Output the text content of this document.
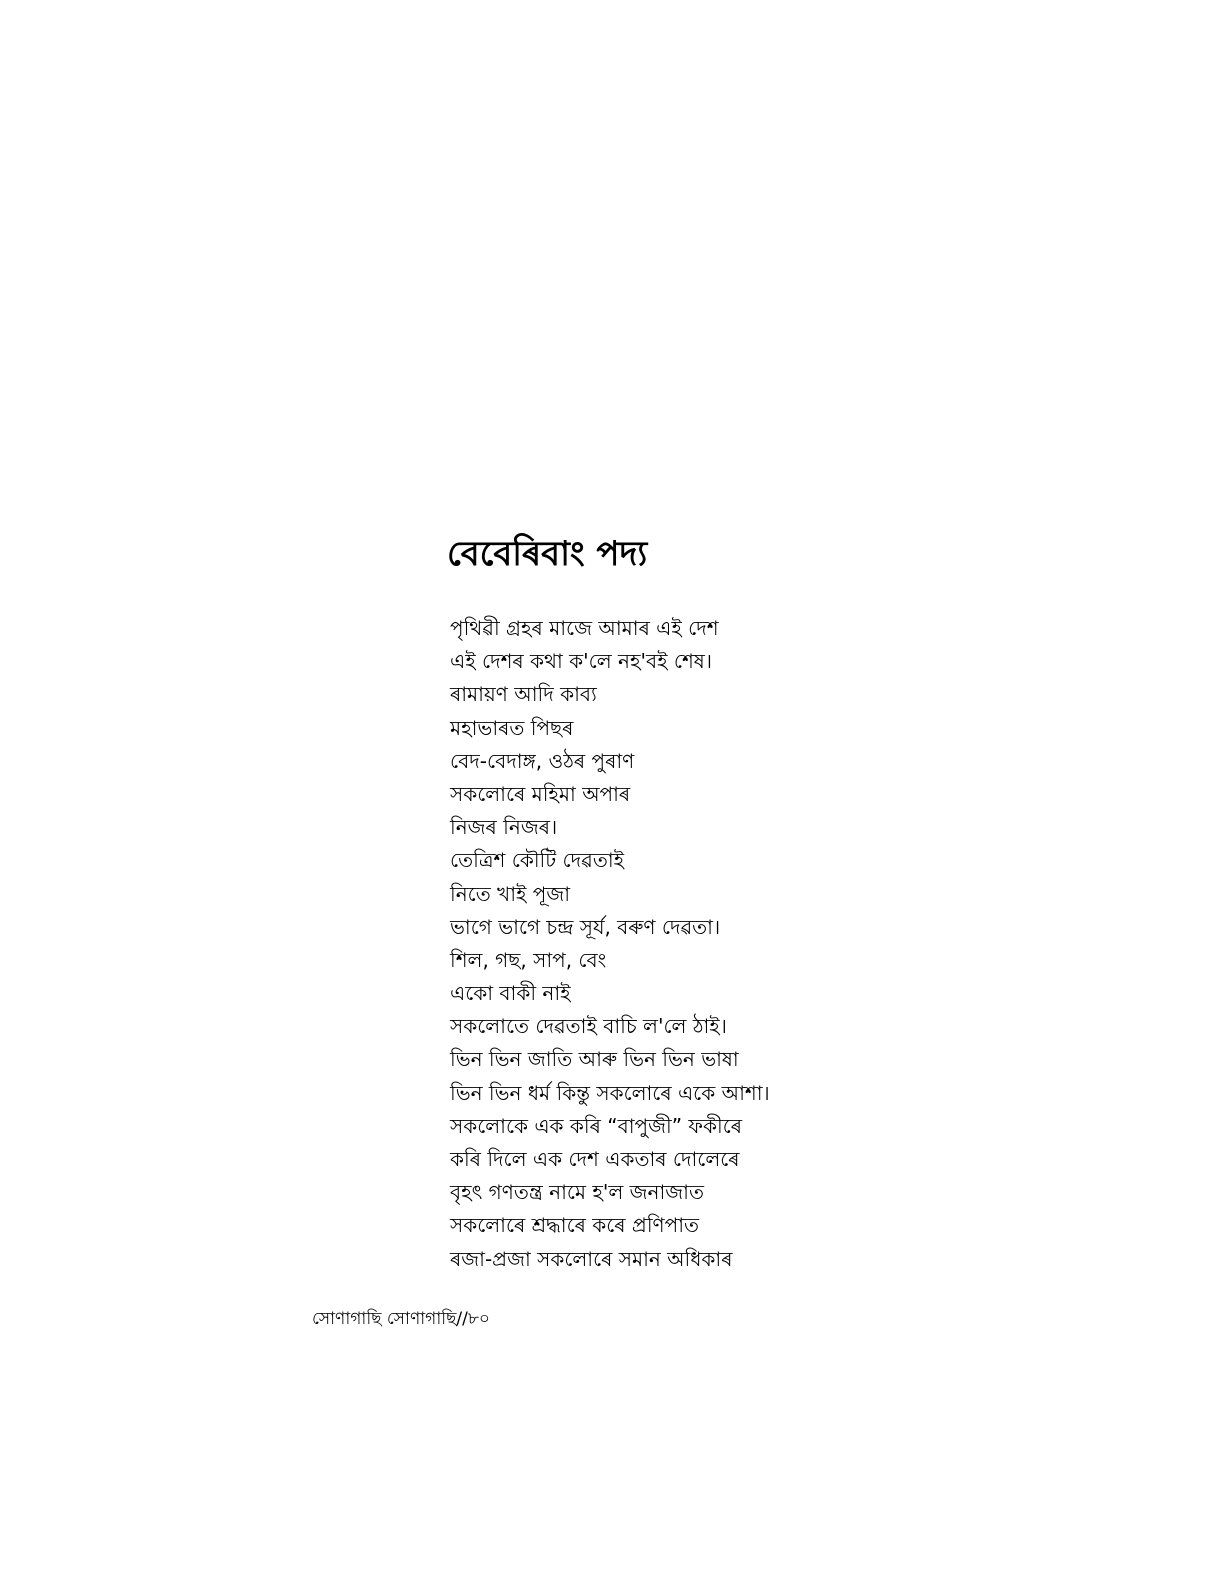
বেবেৰিবাং পদ্য
পৃথিৱী গ্ৰহৰ মাজে আমাৰ এই দেশ
এই দেশৰ কথা ক'লে নহ'বই শেষ।
ৰামায়ণ আদি কাব্য
মহাভাৰত পিছৰ
বেদ-বেদাঙ্গ, ওঠৰ পুৰাণ
সকলোৰে মহিমা অপাৰ
নিজৰ নিজৰ।
তেত্ৰিশ কৌটি দেৱতাই
নিতে খাই পূজা
ভাগে ভাগে চন্দ্ৰ সূৰ্য, বৰুণ দেৱতা।
শিল, গছ, সাপ, বেং
একো বাকী নাই
সকলোতে দেৱতাই বাচি ল'লে ঠাই।
ভিন ভিন জাতি আৰু ভিন ভিন ভাষা
ভিন ভিন ধৰ্ম কিন্তু সকলোৰে একে আশা।
সকলোকে এক কৰি “বাপুজী” ফকীৰে
কৰি দিলে এক দেশ একতাৰ দোলেৰে
বৃহৎ গণতন্ত্ৰ নামে হ'ল জনাজাত
সকলোৰে শ্ৰদ্ধাৰে কৰে প্ৰণিপাত
ৰজা-প্ৰজা সকলোৰে সমান অধিকাৰ
সোণাগাছি সোণাগাছি//৮০
